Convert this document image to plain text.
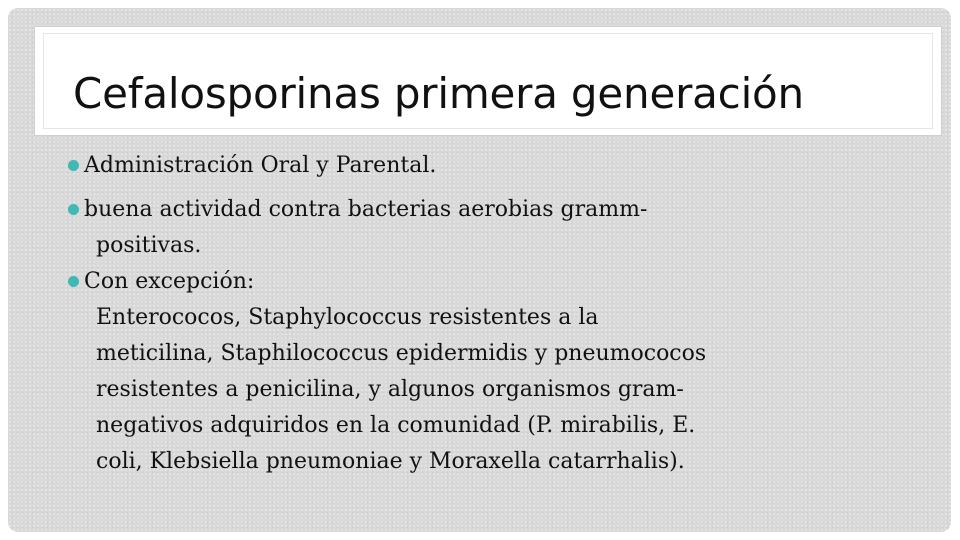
Cefalosporinas primera generación
Administración Oral y Parental.
buena actividad contra bacterias aerobias gramm-
positivas.
Con excepción:
Enterococos, Staphylococcus resistentes a la
meticilina, Staphilococcus epidermidis y pneumococos
resistentes a penicilina, y algunos organismos gram-
negativos adquiridos en la comunidad (P. mirabilis, E.
coli, Klebsiella pneumoniae y Moraxella catarrhalis).
